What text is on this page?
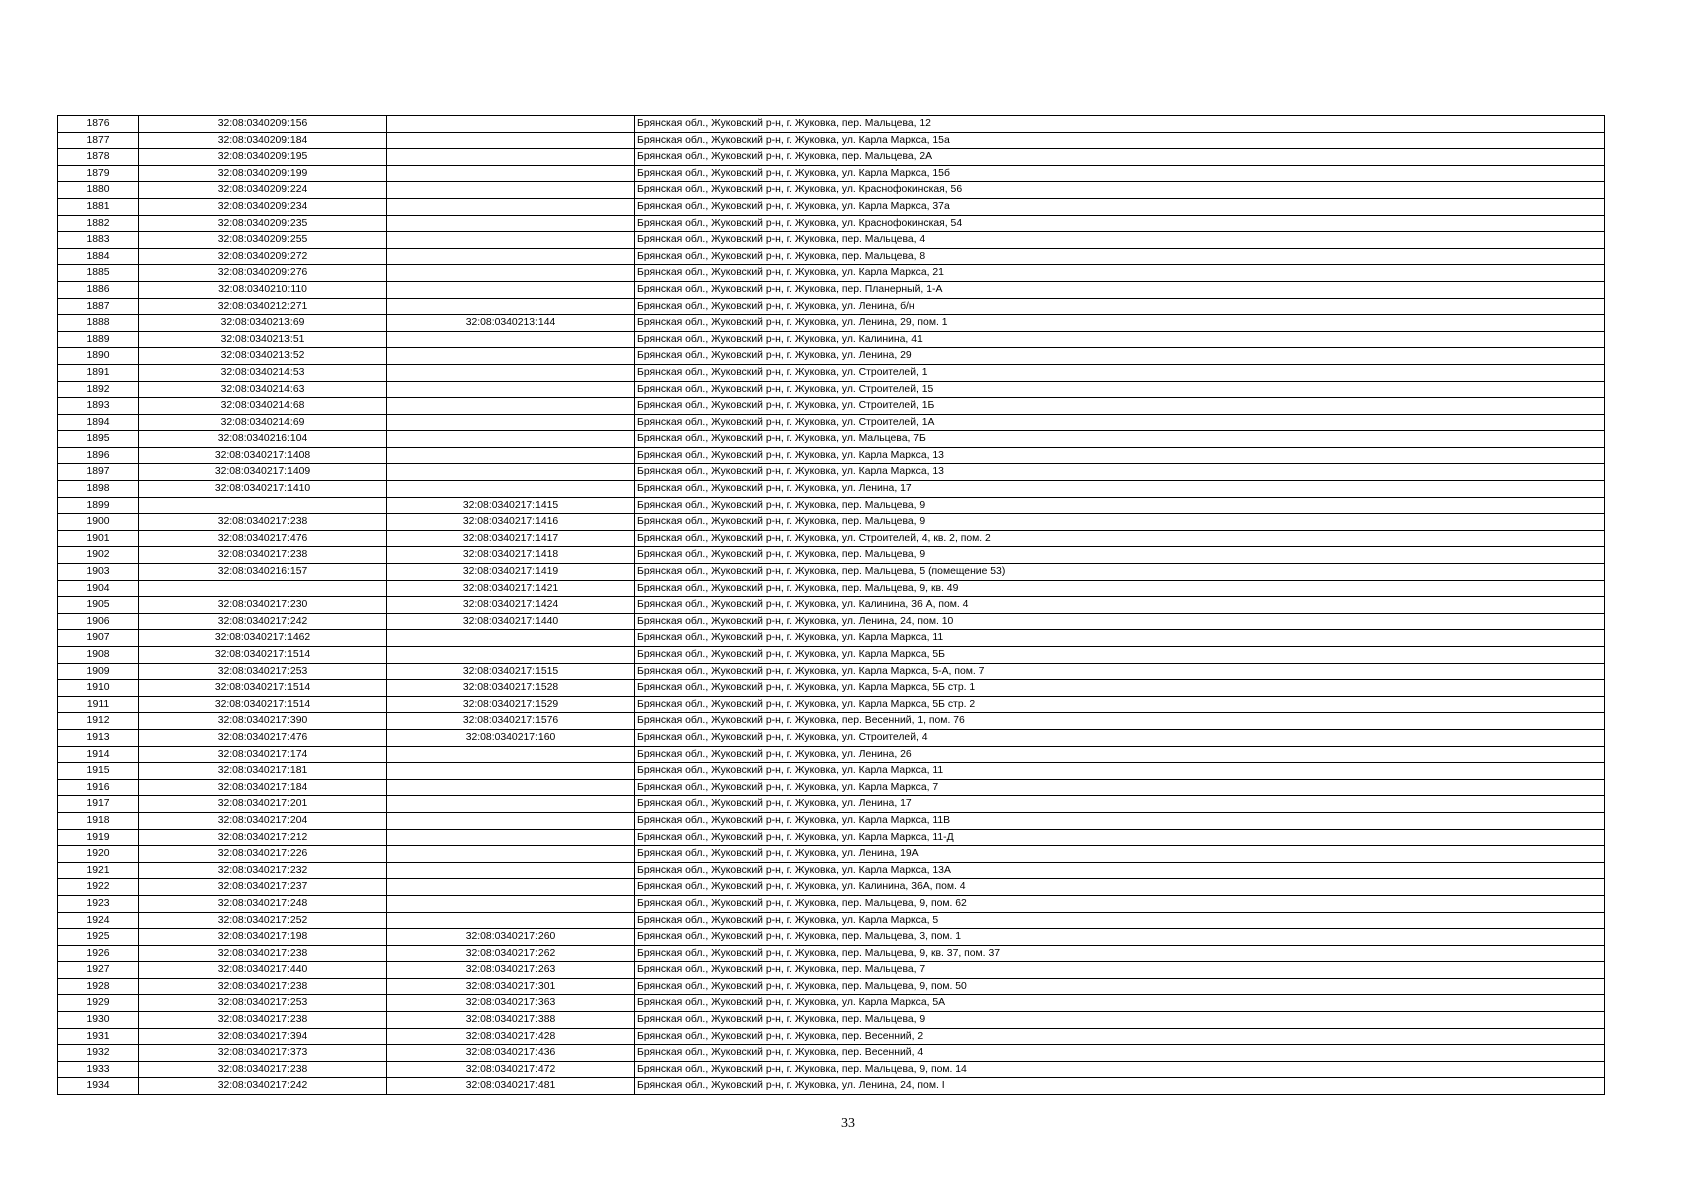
1876	32:08:0340209:156		Брянская обл., Жуковский р-н, г. Жуковка, пер. Мальцева, 12
1877	32:08:0340209:184		Брянская обл., Жуковский р-н, г. Жуковка, ул. Карла Маркса, 15а
1878	32:08:0340209:195		Брянская обл., Жуковский р-н, г. Жуковка, пер. Мальцева, 2А
1879	32:08:0340209:199		Брянская обл., Жуковский р-н, г. Жуковка, ул. Карла Маркса, 15б
1880	32:08:0340209:224		Брянская обл., Жуковский р-н, г. Жуковка, ул. Краснофокинская, 56
1881	32:08:0340209:234		Брянская обл., Жуковский р-н, г. Жуковка, ул. Карла Маркса, 37а
1882	32:08:0340209:235		Брянская обл., Жуковский р-н, г. Жуковка, ул. Краснофокинская, 54
1883	32:08:0340209:255		Брянская обл., Жуковский р-н, г. Жуковка, пер. Мальцева, 4
1884	32:08:0340209:272		Брянская обл., Жуковский р-н, г. Жуковка, пер. Мальцева, 8
1885	32:08:0340209:276		Брянская обл., Жуковский р-н, г. Жуковка, ул. Карла Маркса, 21
1886	32:08:0340210:110		Брянская обл., Жуковский р-н, г. Жуковка, пер. Планерный, 1-А
1887	32:08:0340212:271		Брянская обл., Жуковский р-н, г. Жуковка, ул. Ленина, б/н
1888	32:08:0340213:69	32:08:0340213:144	Брянская обл., Жуковский р-н, г. Жуковка, ул. Ленина, 29, пом. 1
1889	32:08:0340213:51		Брянская обл., Жуковский р-н, г. Жуковка, ул. Калинина, 41
1890	32:08:0340213:52		Брянская обл., Жуковский р-н, г. Жуковка, ул. Ленина, 29
1891	32:08:0340214:53		Брянская обл., Жуковский р-н, г. Жуковка, ул. Строителей, 1
1892	32:08:0340214:63		Брянская обл., Жуковский р-н, г. Жуковка, ул. Строителей, 15
1893	32:08:0340214:68		Брянская обл., Жуковский р-н, г. Жуковка, ул. Строителей, 1Б
1894	32:08:0340214:69		Брянская обл., Жуковский р-н, г. Жуковка, ул. Строителей, 1А
1895	32:08:0340216:104		Брянская обл., Жуковский р-н, г. Жуковка, ул. Мальцева, 7Б
1896	32:08:0340217:1408		Брянская обл., Жуковский р-н, г. Жуковка, ул. Карла Маркса, 13
1897	32:08:0340217:1409		Брянская обл., Жуковский р-н, г. Жуковка, ул. Карла Маркса, 13
1898	32:08:0340217:1410		Брянская обл., Жуковский р-н, г. Жуковка, ул. Ленина, 17
1899		32:08:0340217:1415	Брянская обл., Жуковский р-н, г. Жуковка, пер. Мальцева, 9
1900	32:08:0340217:238	32:08:0340217:1416	Брянская обл., Жуковский р-н, г. Жуковка, пер. Мальцева, 9
1901	32:08:0340217:476	32:08:0340217:1417	Брянская обл., Жуковский р-н, г. Жуковка, ул. Строителей, 4, кв. 2, пом. 2
1902	32:08:0340217:238	32:08:0340217:1418	Брянская обл., Жуковский р-н, г. Жуковка, пер. Мальцева, 9
1903	32:08:0340216:157	32:08:0340217:1419	Брянская обл., Жуковский р-н, г. Жуковка, пер. Мальцева, 5 (помещение 53)
1904		32:08:0340217:1421	Брянская обл., Жуковский р-н, г. Жуковка, пер. Мальцева, 9, кв. 49
1905	32:08:0340217:230	32:08:0340217:1424	Брянская обл., Жуковский р-н, г. Жуковка, ул. Калинина, 36 А, пом. 4
1906	32:08:0340217:242	32:08:0340217:1440	Брянская обл., Жуковский р-н, г. Жуковка, ул. Ленина, 24, пом. 10
1907	32:08:0340217:1462		Брянская обл., Жуковский р-н, г. Жуковка, ул. Карла Маркса, 11
1908	32:08:0340217:1514		Брянская обл., Жуковский р-н, г. Жуковка, ул. Карла Маркса, 5Б
1909	32:08:0340217:253	32:08:0340217:1515	Брянская обл., Жуковский р-н, г. Жуковка, ул. Карла Маркса, 5-А, пом. 7
1910	32:08:0340217:1514	32:08:0340217:1528	Брянская обл., Жуковский р-н, г. Жуковка, ул. Карла Маркса, 5Б стр. 1
1911	32:08:0340217:1514	32:08:0340217:1529	Брянская обл., Жуковский р-н, г. Жуковка, ул. Карла Маркса, 5Б стр. 2
1912	32:08:0340217:390	32:08:0340217:1576	Брянская обл., Жуковский р-н, г. Жуковка, пер. Весенний, 1, пом. 76
1913	32:08:0340217:476	32:08:0340217:160	Брянская обл., Жуковский р-н, г. Жуковка, ул. Строителей, 4
1914	32:08:0340217:174		Брянская обл., Жуковский р-н, г. Жуковка, ул. Ленина, 26
1915	32:08:0340217:181		Брянская обл., Жуковский р-н, г. Жуковка, ул. Карла Маркса, 11
1916	32:08:0340217:184		Брянская обл., Жуковский р-н, г. Жуковка, ул. Карла Маркса, 7
1917	32:08:0340217:201		Брянская обл., Жуковский р-н, г. Жуковка, ул. Ленина, 17
1918	32:08:0340217:204		Брянская обл., Жуковский р-н, г. Жуковка, ул. Карла Маркса, 11В
1919	32:08:0340217:212		Брянская обл., Жуковский р-н, г. Жуковка, ул. Карла Маркса, 11-Д
1920	32:08:0340217:226		Брянская обл., Жуковский р-н, г. Жуковка, ул. Ленина, 19А
1921	32:08:0340217:232		Брянская обл., Жуковский р-н, г. Жуковка, ул. Карла Маркса, 13А
1922	32:08:0340217:237		Брянская обл., Жуковский р-н, г. Жуковка, ул. Калинина, 36А, пом. 4
1923	32:08:0340217:248		Брянская обл., Жуковский р-н, г. Жуковка, пер. Мальцева, 9, пом. 62
1924	32:08:0340217:252		Брянская обл., Жуковский р-н, г. Жуковка, ул. Карла Маркса, 5
1925	32:08:0340217:198	32:08:0340217:260	Брянская обл., Жуковский р-н, г. Жуковка, пер. Мальцева, 3, пом. 1
1926	32:08:0340217:238	32:08:0340217:262	Брянская обл., Жуковский р-н, г. Жуковка, пер. Мальцева, 9, кв. 37, пом. 37
1927	32:08:0340217:440	32:08:0340217:263	Брянская обл., Жуковский р-н, г. Жуковка, пер. Мальцева, 7
1928	32:08:0340217:238	32:08:0340217:301	Брянская обл., Жуковский р-н, г. Жуковка, пер. Мальцева, 9, пом. 50
1929	32:08:0340217:253	32:08:0340217:363	Брянская обл., Жуковский р-н, г. Жуковка, ул. Карла Маркса, 5А
1930	32:08:0340217:238	32:08:0340217:388	Брянская обл., Жуковский р-н, г. Жуковка, пер. Мальцева, 9
1931	32:08:0340217:394	32:08:0340217:428	Брянская обл., Жуковский р-н, г. Жуковка, пер. Весенний, 2
1932	32:08:0340217:373	32:08:0340217:436	Брянская обл., Жуковский р-н, г. Жуковка, пер. Весенний, 4
1933	32:08:0340217:238	32:08:0340217:472	Брянская обл., Жуковский р-н, г. Жуковка, пер. Мальцева, 9, пом. 14
1934	32:08:0340217:242	32:08:0340217:481	Брянская обл., Жуковский р-н, г. Жуковка, ул. Ленина, 24, пом. I
33
